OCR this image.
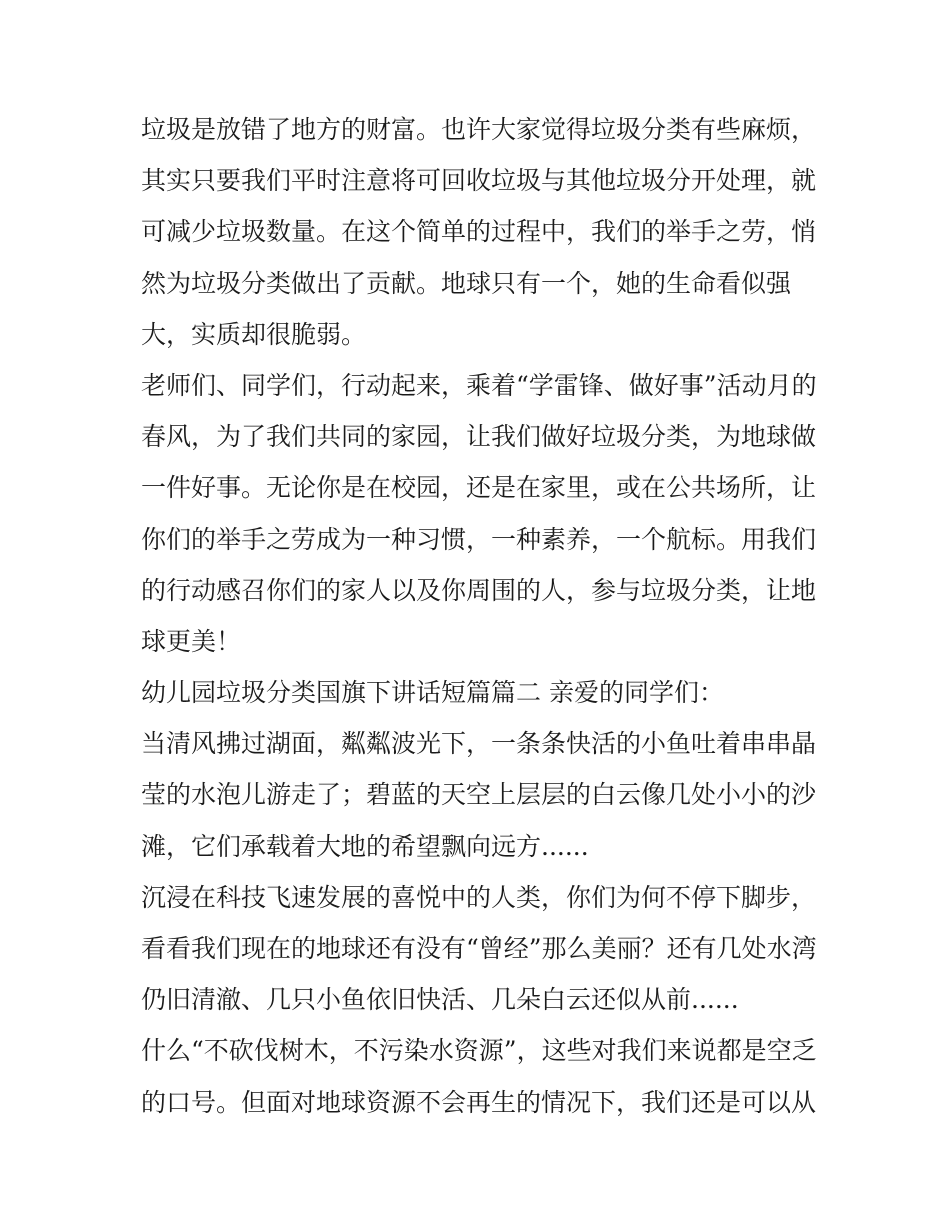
垃圾是放错了地方的财富。也许大家觉得垃圾分类有些麻烦，
其实只要我们平时注意将可回收垃圾与其他垃圾分开处理，就
可减少垃圾数量。在这个简单的过程中，我们的举手之劳，悄
然为垃圾分类做出了贡献。地球只有一个，她的生命看似强
大，实质却很脆弱。
老师们、同学们，行动起来，乘着“学雷锋、做好事”活动月的
春风，为了我们共同的家园，让我们做好垃圾分类，为地球做
一件好事。无论你是在校园，还是在家里，或在公共场所，让
你们的举手之劳成为一种习惯，一种素养，一个航标。用我们
的行动感召你们的家人以及你周围的人，参与垃圾分类，让地
球更美！
幼儿园垃圾分类国旗下讲话短篇篇二 亲爱的同学们：
当清风拂过湖面，粼粼波光下，一条条快活的小鱼吐着串串晶
莹的水泡儿游走了；碧蓝的天空上层层的白云像几处小小的沙
滩，它们承载着大地的希望飘向远方......
沉浸在科技飞速发展的喜悦中的人类，你们为何不停下脚步，
看看我们现在的地球还有没有“曾经”那么美丽？还有几处水湾
仍旧清澈、几只小鱼依旧快活、几朵白云还似从前......
什么“不砍伐树木，不污染水资源”，这些对我们来说都是空乏
的口号。但面对地球资源不会再生的情况下，我们还是可以从
